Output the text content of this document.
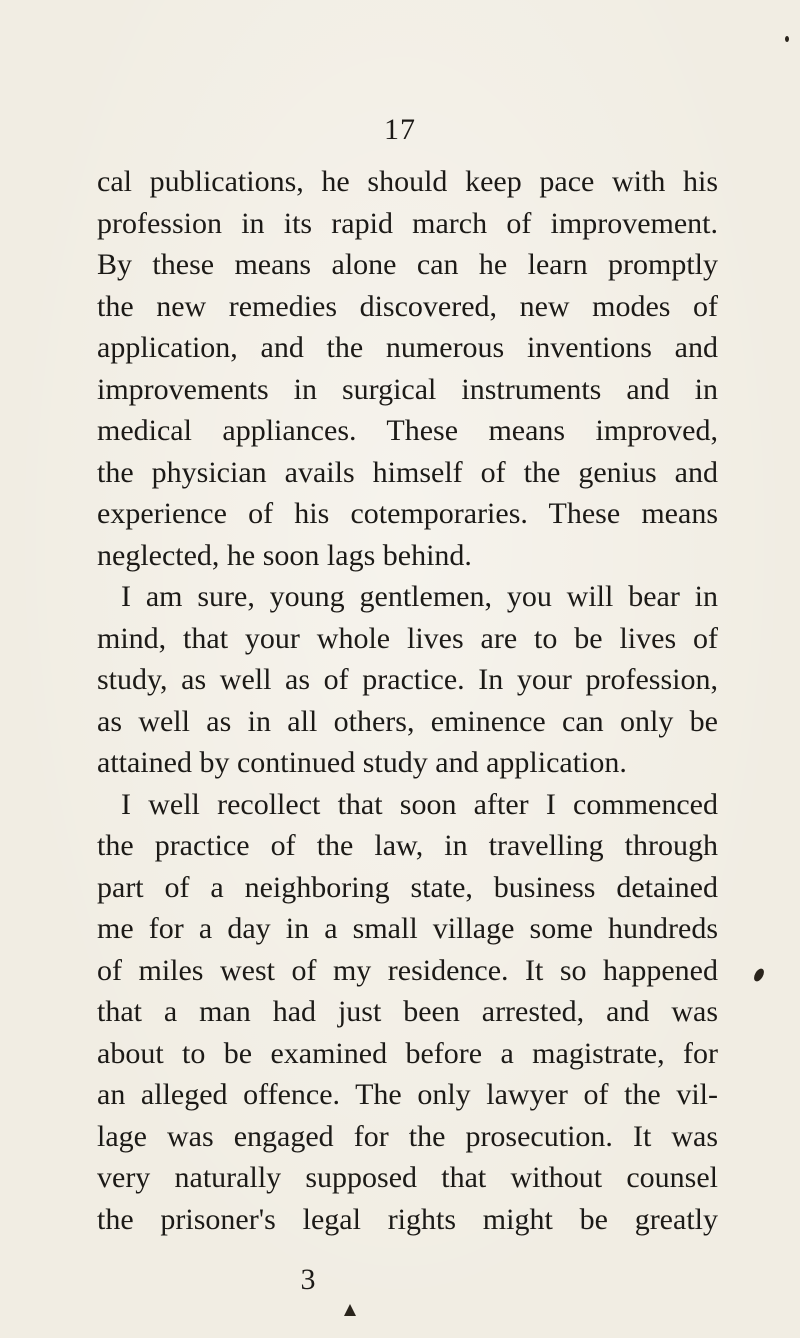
17
cal publications, he should keep pace with his
profession in its rapid march of improvement.
By these means alone can he learn promptly
the new remedies discovered, new modes of
application, and the numerous inventions and
improvements in surgical instruments and in
medical appliances. These means improved,
the physician avails himself of the genius and
experience of his cotemporaries. These means
neglected, he soon lags behind.
I am sure, young gentlemen, you will bear in
mind, that your whole lives are to be lives of
study, as well as of practice. In your profession,
as well as in all others, eminence can only be
attained by continued study and application.
I well recollect that soon after I commenced
the practice of the law, in travelling through
part of a neighboring state, business detained
me for a day in a small village some hundreds
of miles west of my residence. It so happened
that a man had just been arrested, and was
about to be examined before a magistrate, for
an alleged offence. The only lawyer of the vil-
lage was engaged for the prosecution. It was
very naturally supposed that without counsel
the prisoner's legal rights might be greatly
3
